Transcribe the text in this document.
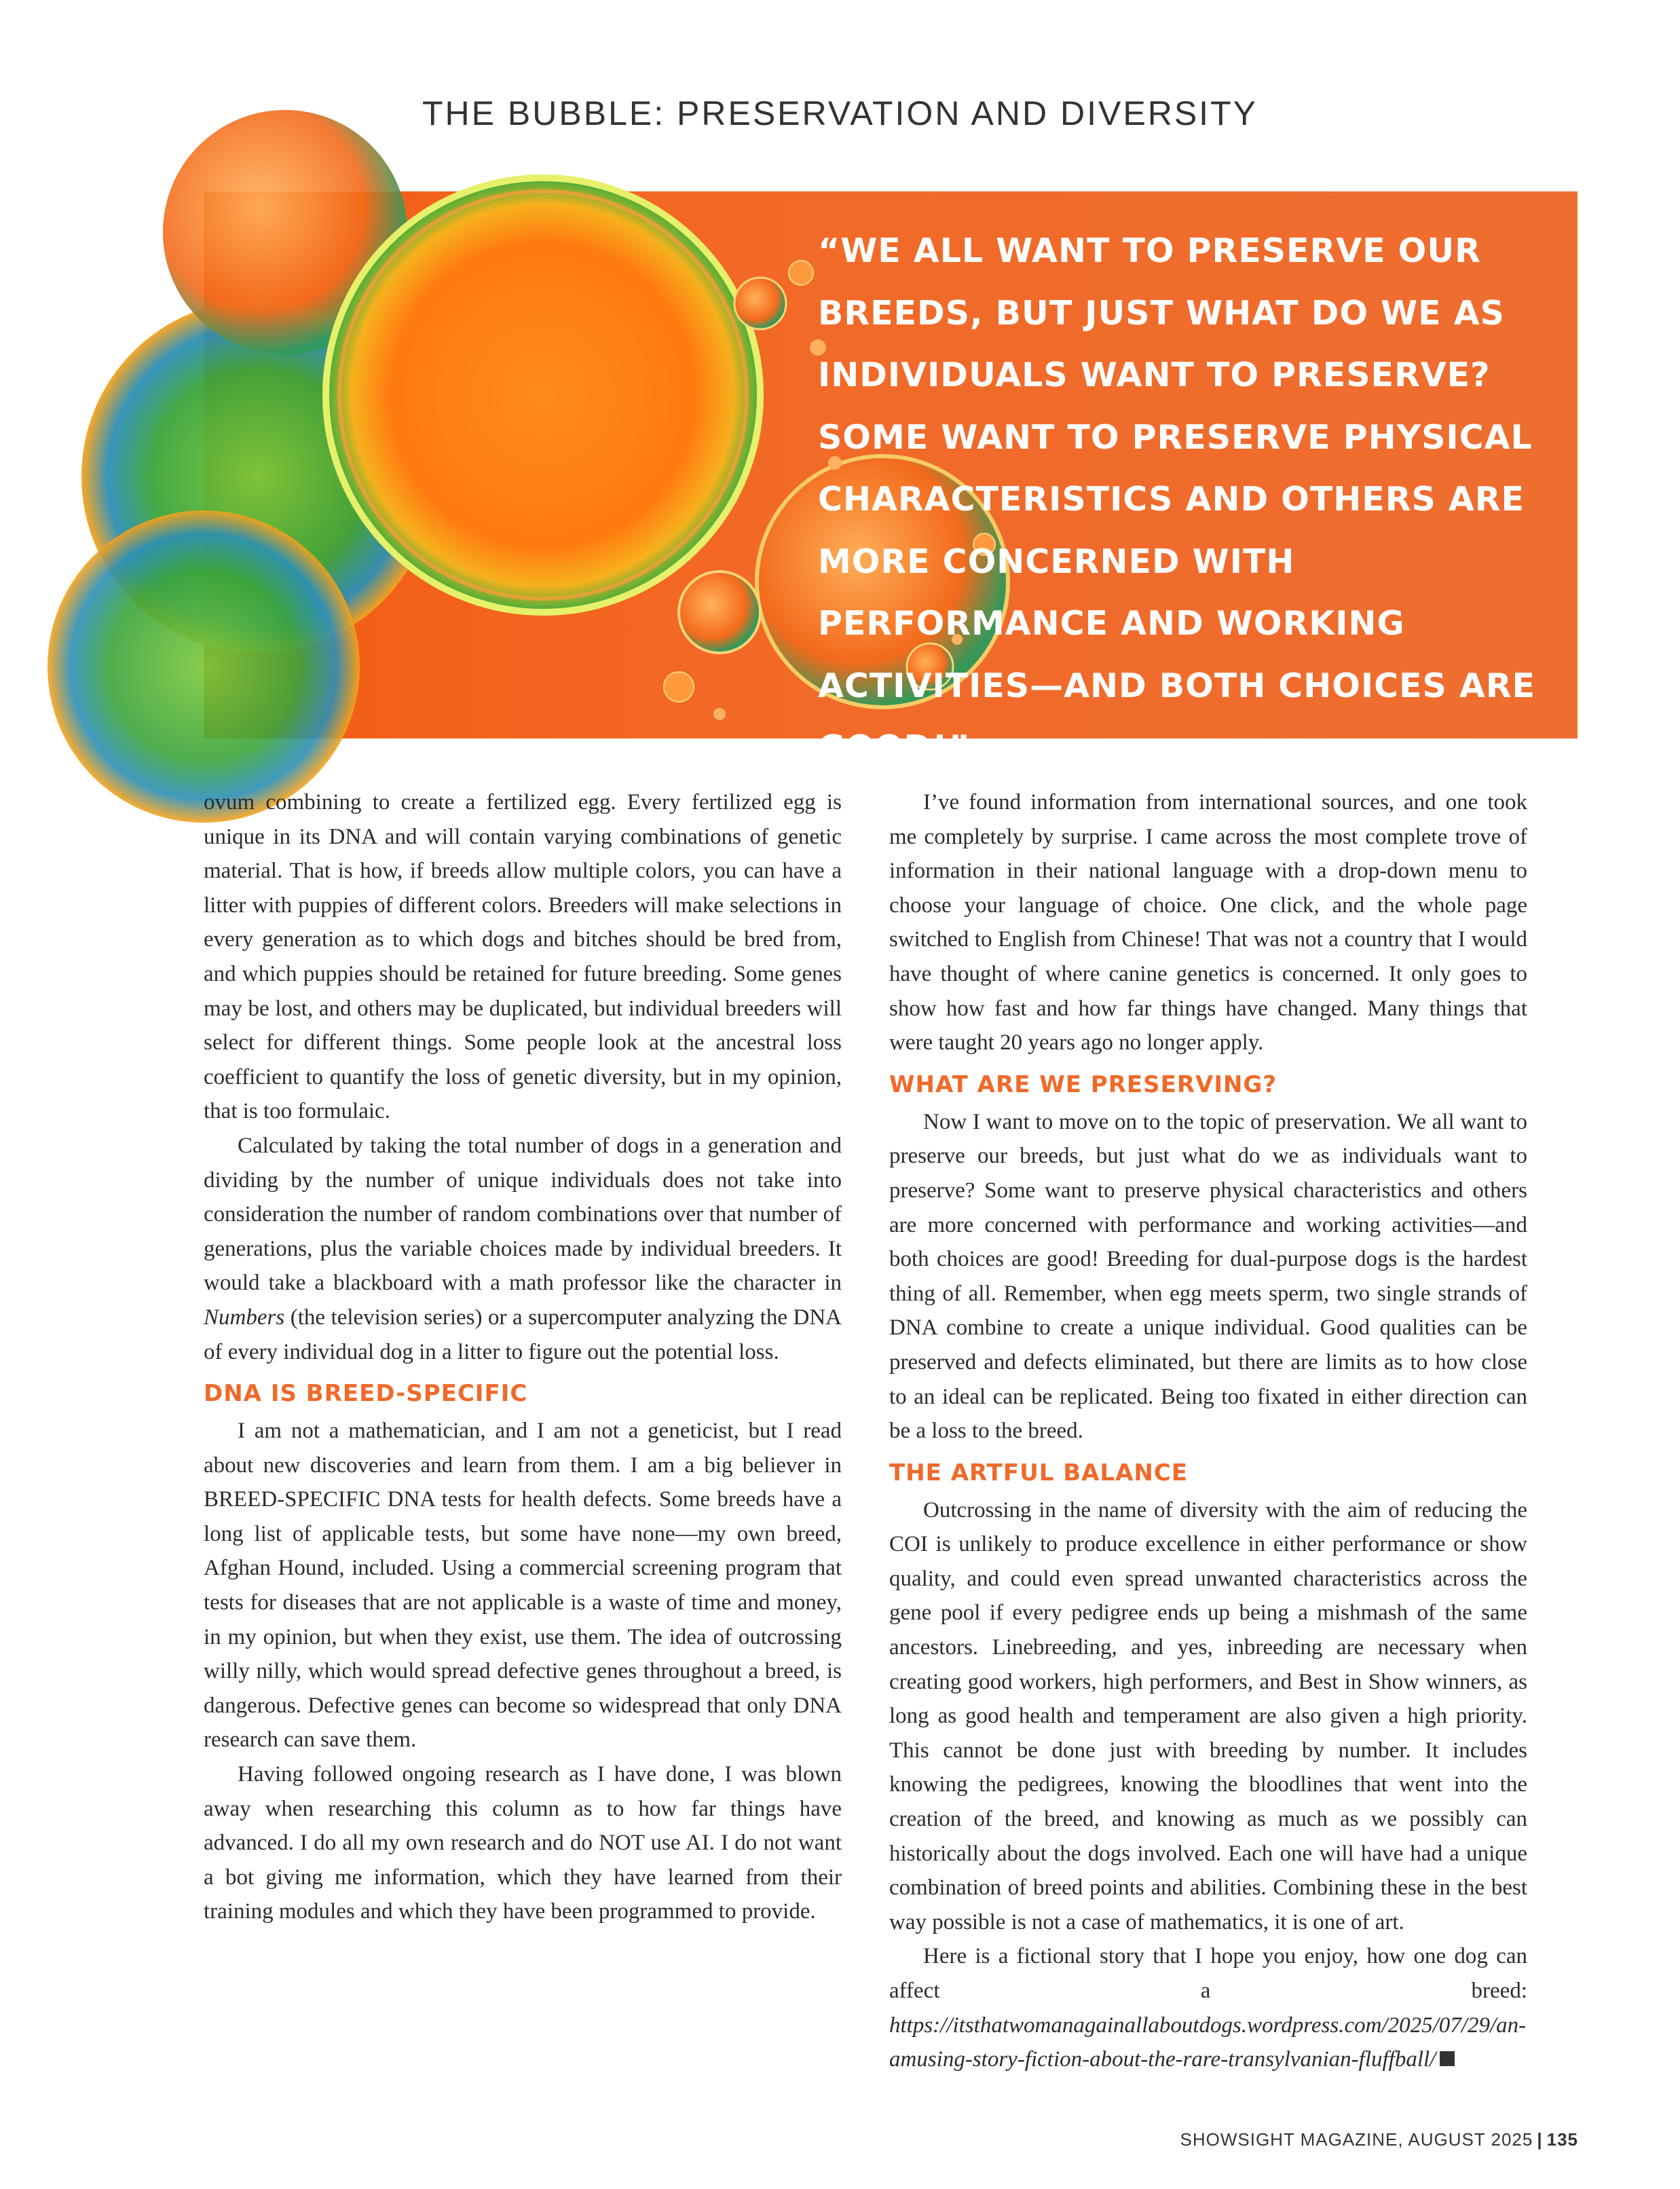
THE BUBBLE: PRESERVATION AND DIVERSITY
“WE ALL WANT TO PRESERVE OUR BREEDS, BUT JUST WHAT DO WE AS INDIVIDUALS WANT TO PRESERVE? SOME WANT TO PRESERVE PHYSICAL CHARACTERISTICS AND OTHERS ARE MORE CONCERNED WITH PERFORMANCE AND WORKING ACTIVITIES—AND BOTH CHOICES ARE GOOD!”

ovum combining to create a fertilized egg. Every fertilized egg is unique in its DNA and will contain varying combinations of genetic material. That is how, if breeds allow multiple colors, you can have a litter with puppies of different colors. Breeders will make selections in every generation as to which dogs and bitches should be bred from, and which puppies should be retained for future breeding. Some genes may be lost, and others may be duplicated, but individual breeders will select for different things. Some people look at the ancestral loss coefficient to quantify the loss of genetic diversity, but in my opinion, that is too formulaic.

Calculated by taking the total number of dogs in a generation and dividing by the number of unique individuals does not take into consideration the number of random combinations over that number of generations, plus the variable choices made by individual breeders. It would take a blackboard with a math professor like the character in Numbers (the television series) or a supercomputer analyzing the DNA of every individual dog in a litter to figure out the potential loss.

DNA IS BREED-SPECIFIC

I am not a mathematician, and I am not a geneticist, but I read about new discoveries and learn from them. I am a big believer in BREED-SPECIFIC DNA tests for health defects. Some breeds have a long list of applicable tests, but some have none—my own breed, Afghan Hound, included. Using a commercial screening program that tests for diseases that are not applicable is a waste of time and money, in my opinion, but when they exist, use them. The idea of outcrossing willy nilly, which would spread defective genes throughout a breed, is dangerous. Defective genes can become so widespread that only DNA research can save them.

Having followed ongoing research as I have done, I was blown away when researching this column as to how far things have advanced. I do all my own research and do NOT use AI. I do not want a bot giving me information, which they have learned from their training modules and which they have been programmed to provide.

I’ve found information from international sources, and one took me completely by surprise. I came across the most complete trove of information in their national language with a drop-down menu to choose your language of choice. One click, and the whole page switched to English from Chinese! That was not a country that I would have thought of where canine genetics is concerned. It only goes to show how fast and how far things have changed. Many things that were taught 20 years ago no longer apply.

WHAT ARE WE PRESERVING?

Now I want to move on to the topic of preservation. We all want to preserve our breeds, but just what do we as individuals want to preserve? Some want to preserve physical characteristics and others are more concerned with performance and working activities—and both choices are good! Breeding for dual-purpose dogs is the hardest thing of all. Remember, when egg meets sperm, two single strands of DNA combine to create a unique individual. Good qualities can be preserved and defects eliminated, but there are limits as to how close to an ideal can be replicated. Being too fixated in either direction can be a loss to the breed.

THE ARTFUL BALANCE

Outcrossing in the name of diversity with the aim of reducing the COI is unlikely to produce excellence in either performance or show quality, and could even spread unwanted characteristics across the gene pool if every pedigree ends up being a mishmash of the same ancestors. Linebreeding, and yes, inbreeding are necessary when creating good workers, high performers, and Best in Show winners, as long as good health and temperament are also given a high priority. This cannot be done just with breeding by number. It includes knowing the pedigrees, knowing the bloodlines that went into the creation of the breed, and knowing as much as we possibly can historically about the dogs involved. Each one will have had a unique combination of breed points and abilities. Combining these in the best way possible is not a case of mathematics, it is one of art.

Here is a fictional story that I hope you enjoy, how one dog can affect a breed: https://itsthatwomanagainallaboutdogs.wordpress.com/2025/07/29/an-amusing-story-fiction-about-the-rare-transylvanian-fluffball/

SHOWSIGHT MAGAZINE, AUGUST 2025 | 135
